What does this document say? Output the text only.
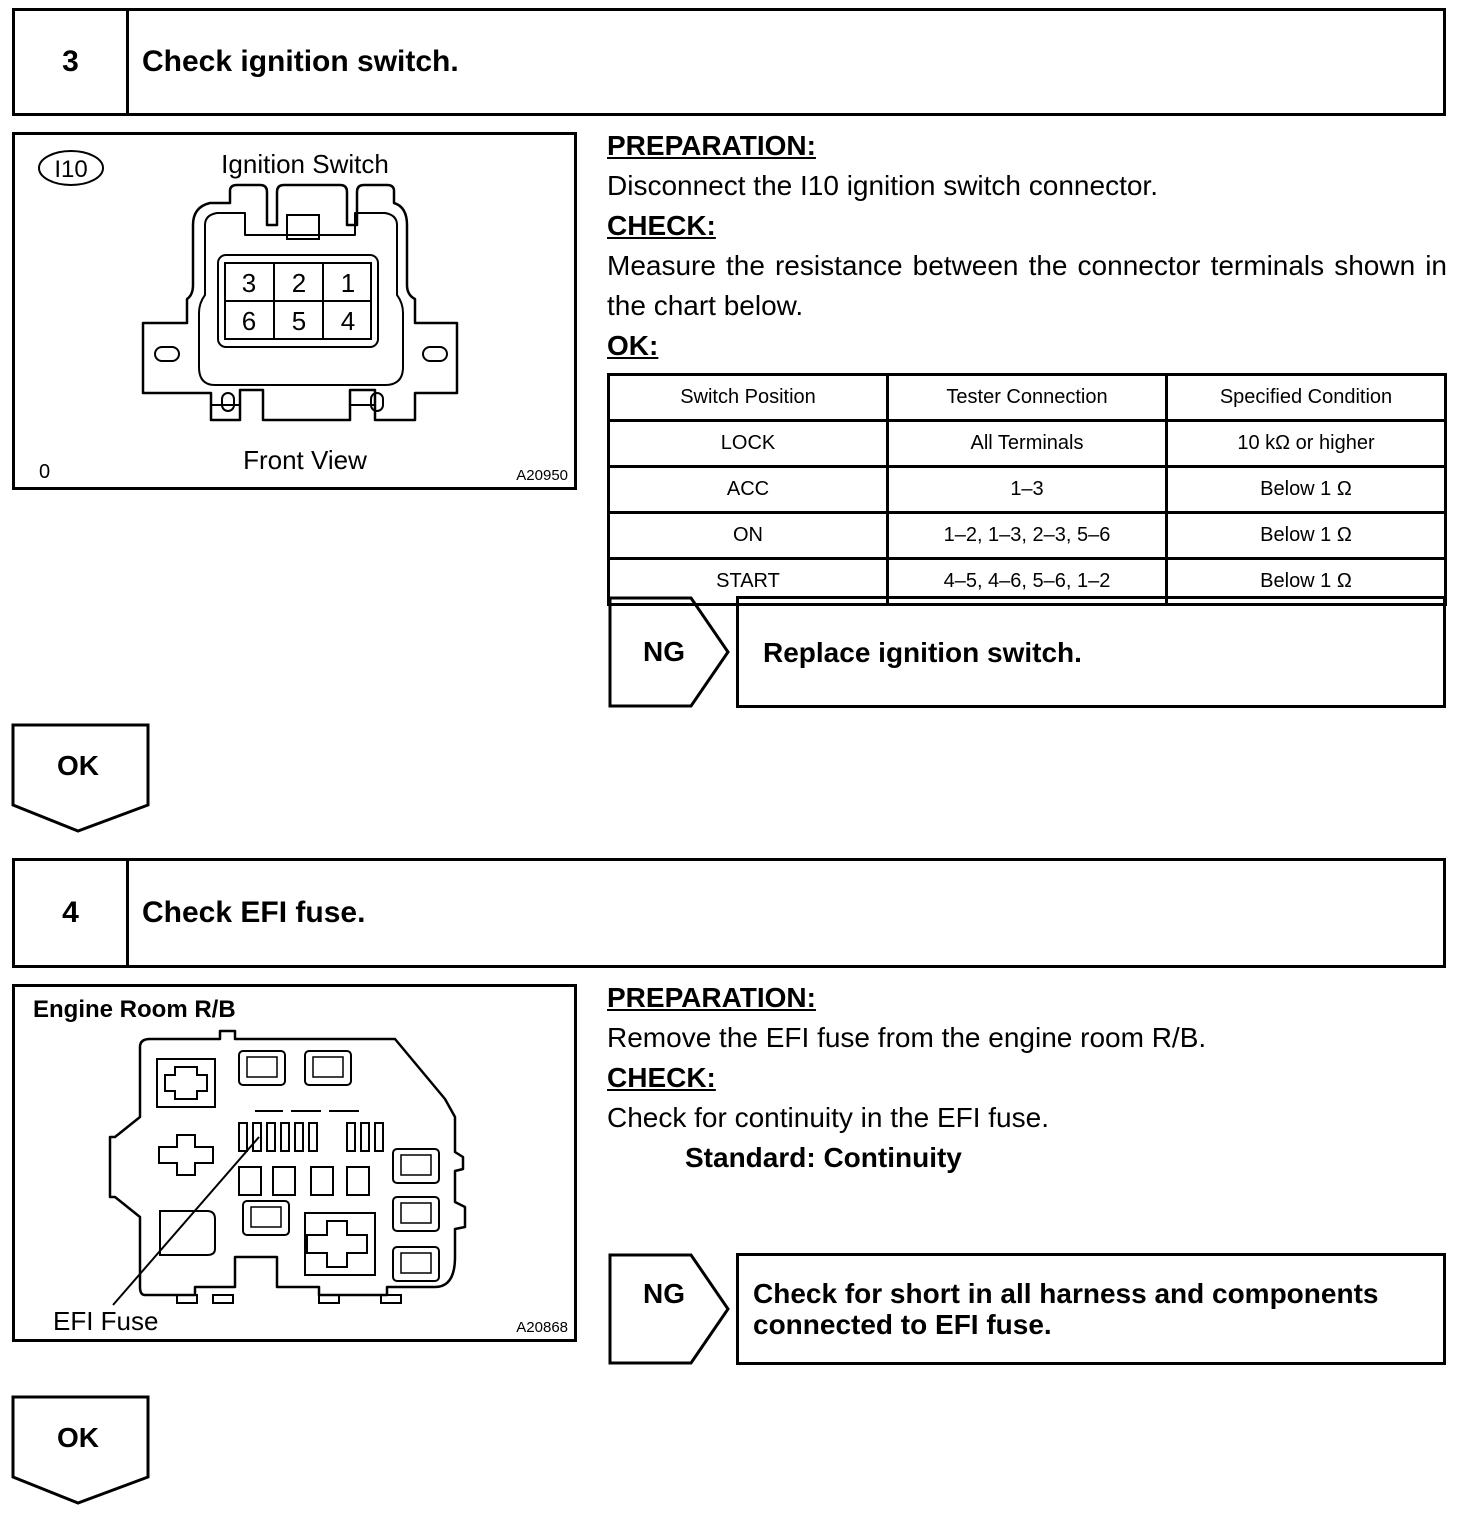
3	Check ignition switch.
I10	Ignition Switch
3 2 1
6 5 4
Front View
0	A20950
PREPARATION:
Disconnect the I10 ignition switch connector.
CHECK:
Measure the resistance between the connector terminals shown in the chart below.
OK:
Switch Position	Tester Connection	Specified Condition
LOCK	All Terminals	10 kΩ or higher
ACC	1–3	Below 1 Ω
ON	1–2, 1–3, 2–3, 5–6	Below 1 Ω
START	4–5, 4–6, 5–6, 1–2	Below 1 Ω
NG	Replace ignition switch.
OK
4	Check EFI fuse.
Engine Room R/B
EFI Fuse	A20868
PREPARATION:
Remove the EFI fuse from the engine room R/B.
CHECK:
Check for continuity in the EFI fuse.
Standard: Continuity
NG Check for short in all harness and components
connected to EFI fuse.
OK
